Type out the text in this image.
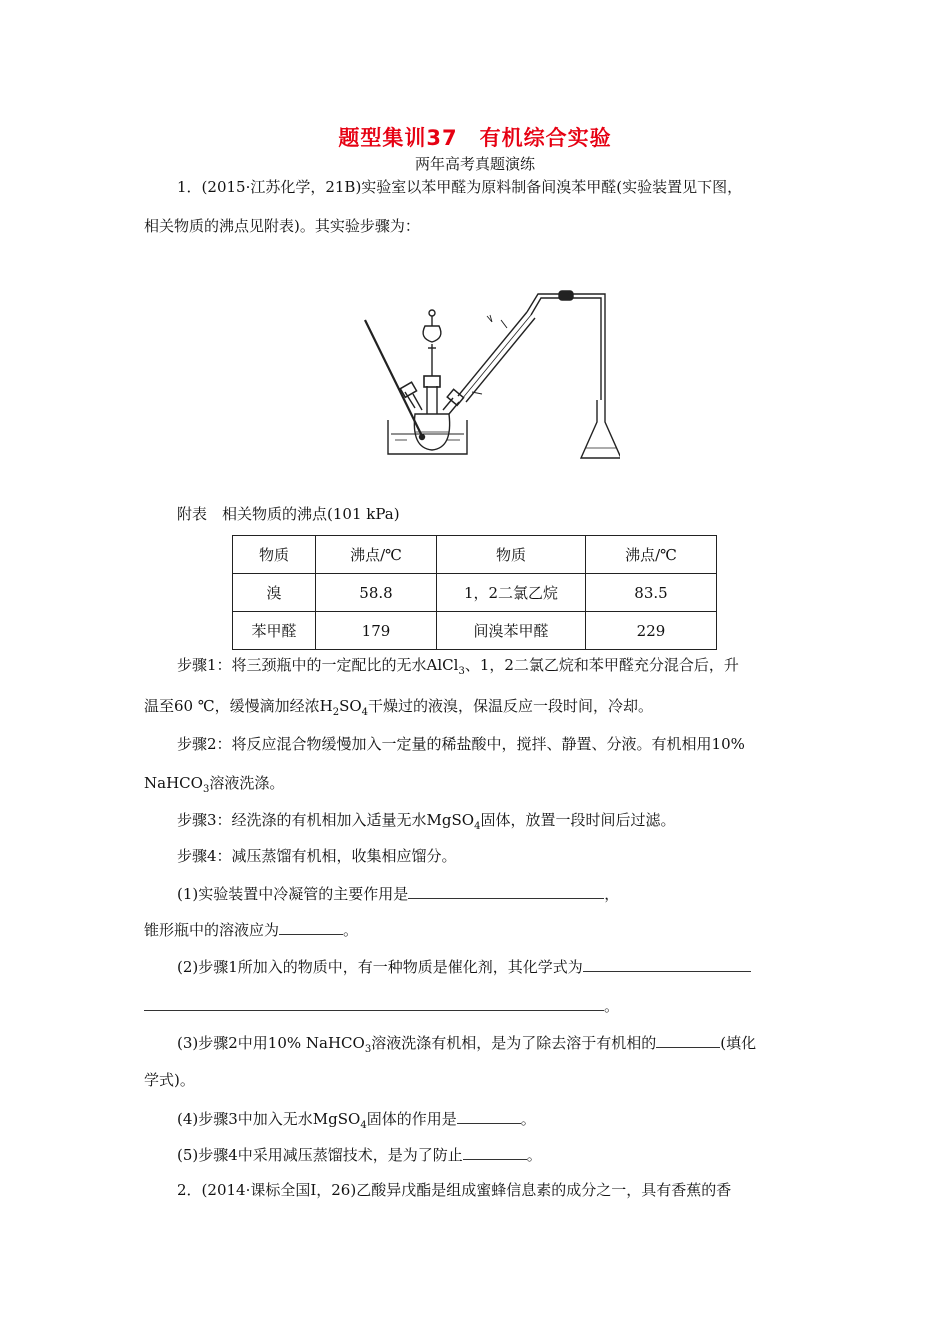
题型集训37　有机综合实验
两年高考真题演练
1．(2015·江苏化学，21B)实验室以苯甲醛为原料制备间溴苯甲醛(实验装置见下图，
相关物质的沸点见附表)。其实验步骤为：
附表　相关物质的沸点(101 kPa)
物质	沸点/℃	物质	沸点/℃
溴	58.8	1，2二氯乙烷	83.5
苯甲醛	179	间溴苯甲醛	229
步骤1：将三颈瓶中的一定配比的无水AlCl$_3$、1，2二氯乙烷和苯甲醛充分混合后，升
温至60 ℃，缓慢滴加经浓$H_2SO_4$干燥过的液溴，保温反应一段时间，冷却。
步骤2：将反应混合物缓慢加入一定量的稀盐酸中，搅拌、静置、分液。有机相用10%
NaHCO$_3$溶液洗涤。
步骤3：经洗涤的有机相加入适量无水MgSO$_4$固体，放置一段时间后过滤。
步骤4：减压蒸馏有机相，收集相应馏分。
(1)实验装置中冷凝管的主要作用是	，
锥形瓶中的溶液应为	。
(2)步骤1所加入的物质中，有一种物质是催化剂，其化学式为
。
(3)步骤2中用10% NaHCO$_3$溶液洗涤有机相，是为了除去溶于有机相的	(填化
学式)。
(4)步骤3中加入无水MgSO$_4$固体的作用是	。
(5)步骤4中采用减压蒸馏技术，是为了防止	。
2．(2014·课标全国Ⅰ，26)乙酸异戊酯是组成蜜蜂信息素的成分之一，具有香蕉的香
